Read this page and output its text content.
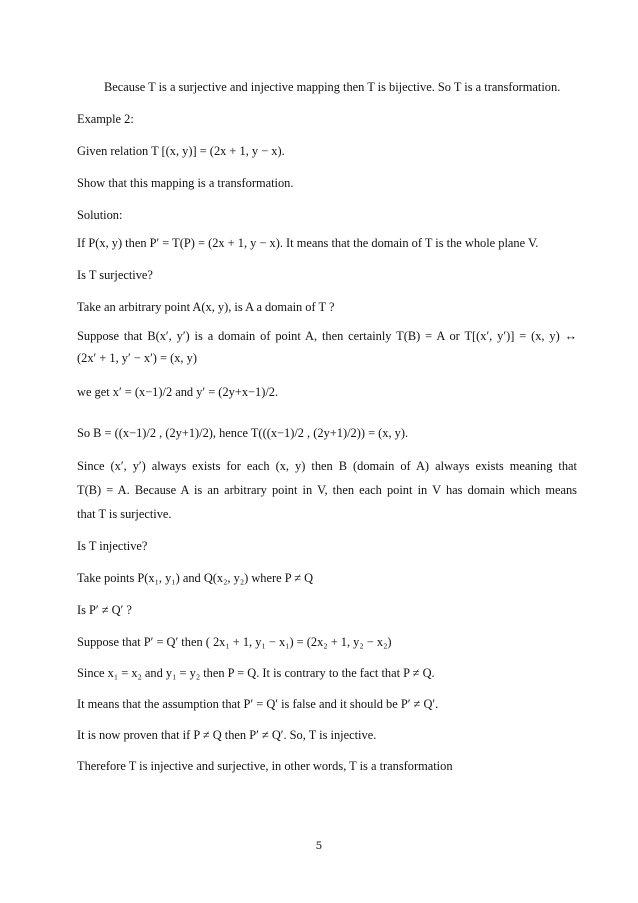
Because T is a surjective and injective mapping then T is bijective. So T is a transformation.
Example 2:
Given relation T [(x, y)] = (2x + 1, y − x).
Show that this mapping is a transformation.
Solution:
If P(x, y) then P′ = T(P) = (2x + 1, y − x). It means that the domain of T is the whole plane V.
Is T surjective?
Take an arbitrary point A(x, y), is A a domain of T ?
Suppose that B(x′, y′) is a domain of point A, then certainly T(B) = A or T[(x′, y′)] = (x, y) ↔
(2x′ + 1, y′ − x′) = (x, y)
we get x′ = (x−1)/2 and y′ = (2y+x−1)/2.
So B = ((x−1)/2 , (2y+1)/2), hence T(((x−1)/2 , (2y+1)/2)) = (x, y).
Since (x′, y′) always exists for each (x, y) then B (domain of A) always exists meaning that
T(B) = A. Because A is an arbitrary point in V, then each point in V has domain which means
that T is surjective.
Is T injective?
Take points P(x₁, y₁) and Q(x₂, y₂) where P ≠ Q
Is P′ ≠ Q′ ?
Suppose that P′ = Q′ then ( 2x₁ + 1, y₁ − x₁) = (2x₂ + 1, y₂ − x₂)
Since x₁ = x₂ and y₁ = y₂ then P = Q. It is contrary to the fact that P ≠ Q.
It means that the assumption that P′ = Q′ is false and it should be P′ ≠ Q′.
It is now proven that if P ≠ Q then P′ ≠ Q′. So, T is injective.
Therefore T is injective and surjective, in other words, T is a transformation
5
